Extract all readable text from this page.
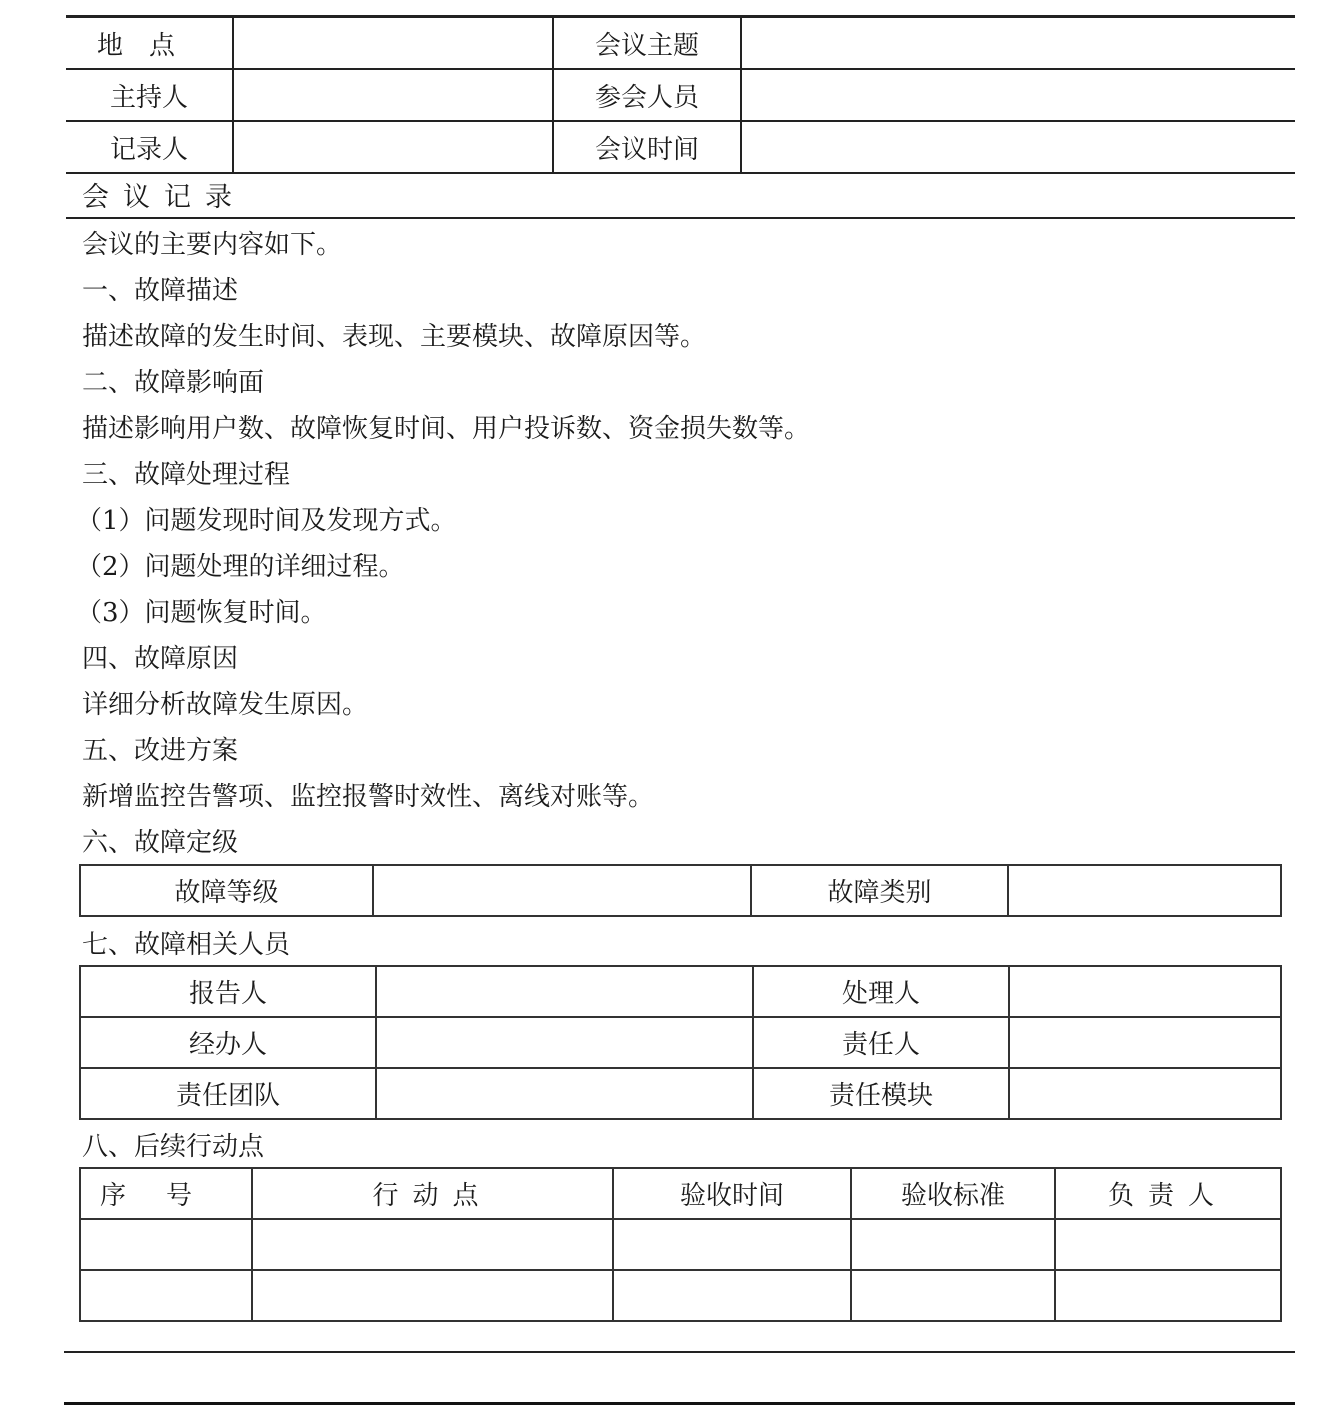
地点		会议主题	
主持人		参会人员	
记录人		会议时间	
会议记录
会议的主要内容如下。
一、故障描述
描述故障的发生时间、表现、主要模块、故障原因等。
二、故障影响面
描述影响用户数、故障恢复时间、用户投诉数、资金损失数等。
三、故障处理过程
（1）问题发现时间及发现方式。
（2）问题处理的详细过程。
（3）问题恢复时间。
四、故障原因
详细分析故障发生原因。
五、改进方案
新增监控告警项、监控报警时效性、离线对账等。
六、故障定级
故障等级		故障类别	
七、故障相关人员
报告人		处理人	
经办人		责任人	
责任团队		责任模块	
八、后续行动点
序号	行动点	验收时间	验收标准	负责人
